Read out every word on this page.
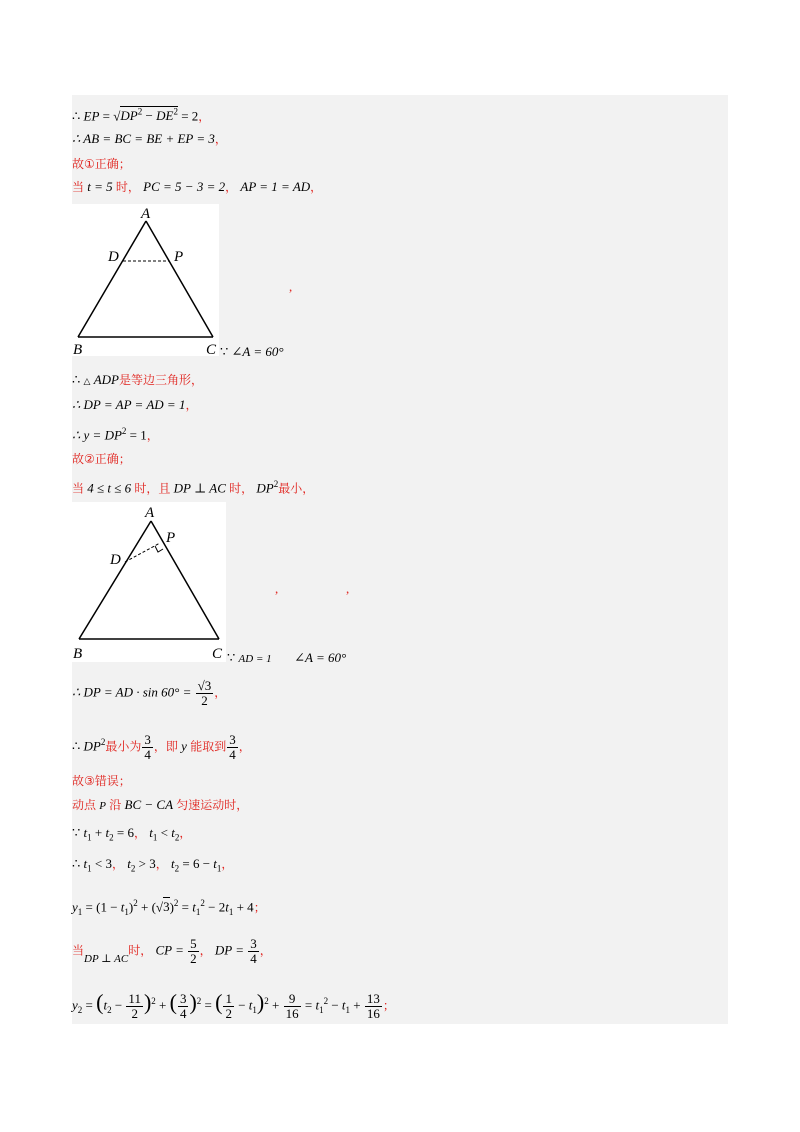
∴ EP = $√DP^2 - DE^2 = 2$，
∴ AB = BC = BE + EP = 3，
故①正确；
当 t = 5 时， PC = 5 − 3 = 2， AP = 1 = AD，
A
D	P
B	C
,
∵ ∠A = 60°
∴ △ ADP是等边三角形，
∴ DP = AP = AD = 1，
∴ $y = DP^2 = 1$，
故②正确；
当 4 ≤ t ≤ 6 时，且 DP ⊥ AC 时， $DP^2$最小，
A
D
P
B	C
,	,
∵ AD = 1 ∠A = 60°
∴ DP = AD · $\sin 60^\circ = \frac{√3}{2}$ ，
∴ $DP^2$最小为 $\frac{3}{4}$ ，即 y 能取到 $\frac{3}{4}$ ，
故③错误；
动点 P 沿 BC − CA 匀速运动时，
∵ $t_1 + t_2 = 6$， $t_1 < t_2$，
∴ $t_1 < 3$， $t_2 > 3$， $t_2 = 6 - t_1$，
$y_1 = (1 - t_1)^2 + (√3)^2 = t_1^2 - 2t_1 + 4$；
当$_{DP \perp AC}$时， CP = $\frac{5}{2}$ ， DP = $\frac{3}{4}$ ，
$y_2 = (t_2 - \frac{11}{2} )^2$ + ( $\frac{3}{4} )^2$ = ( $\frac{1}{2} - t_1)^2 + \frac{9}{16} = t_1^2 - t_1 + \frac{13}{16}$ ；
